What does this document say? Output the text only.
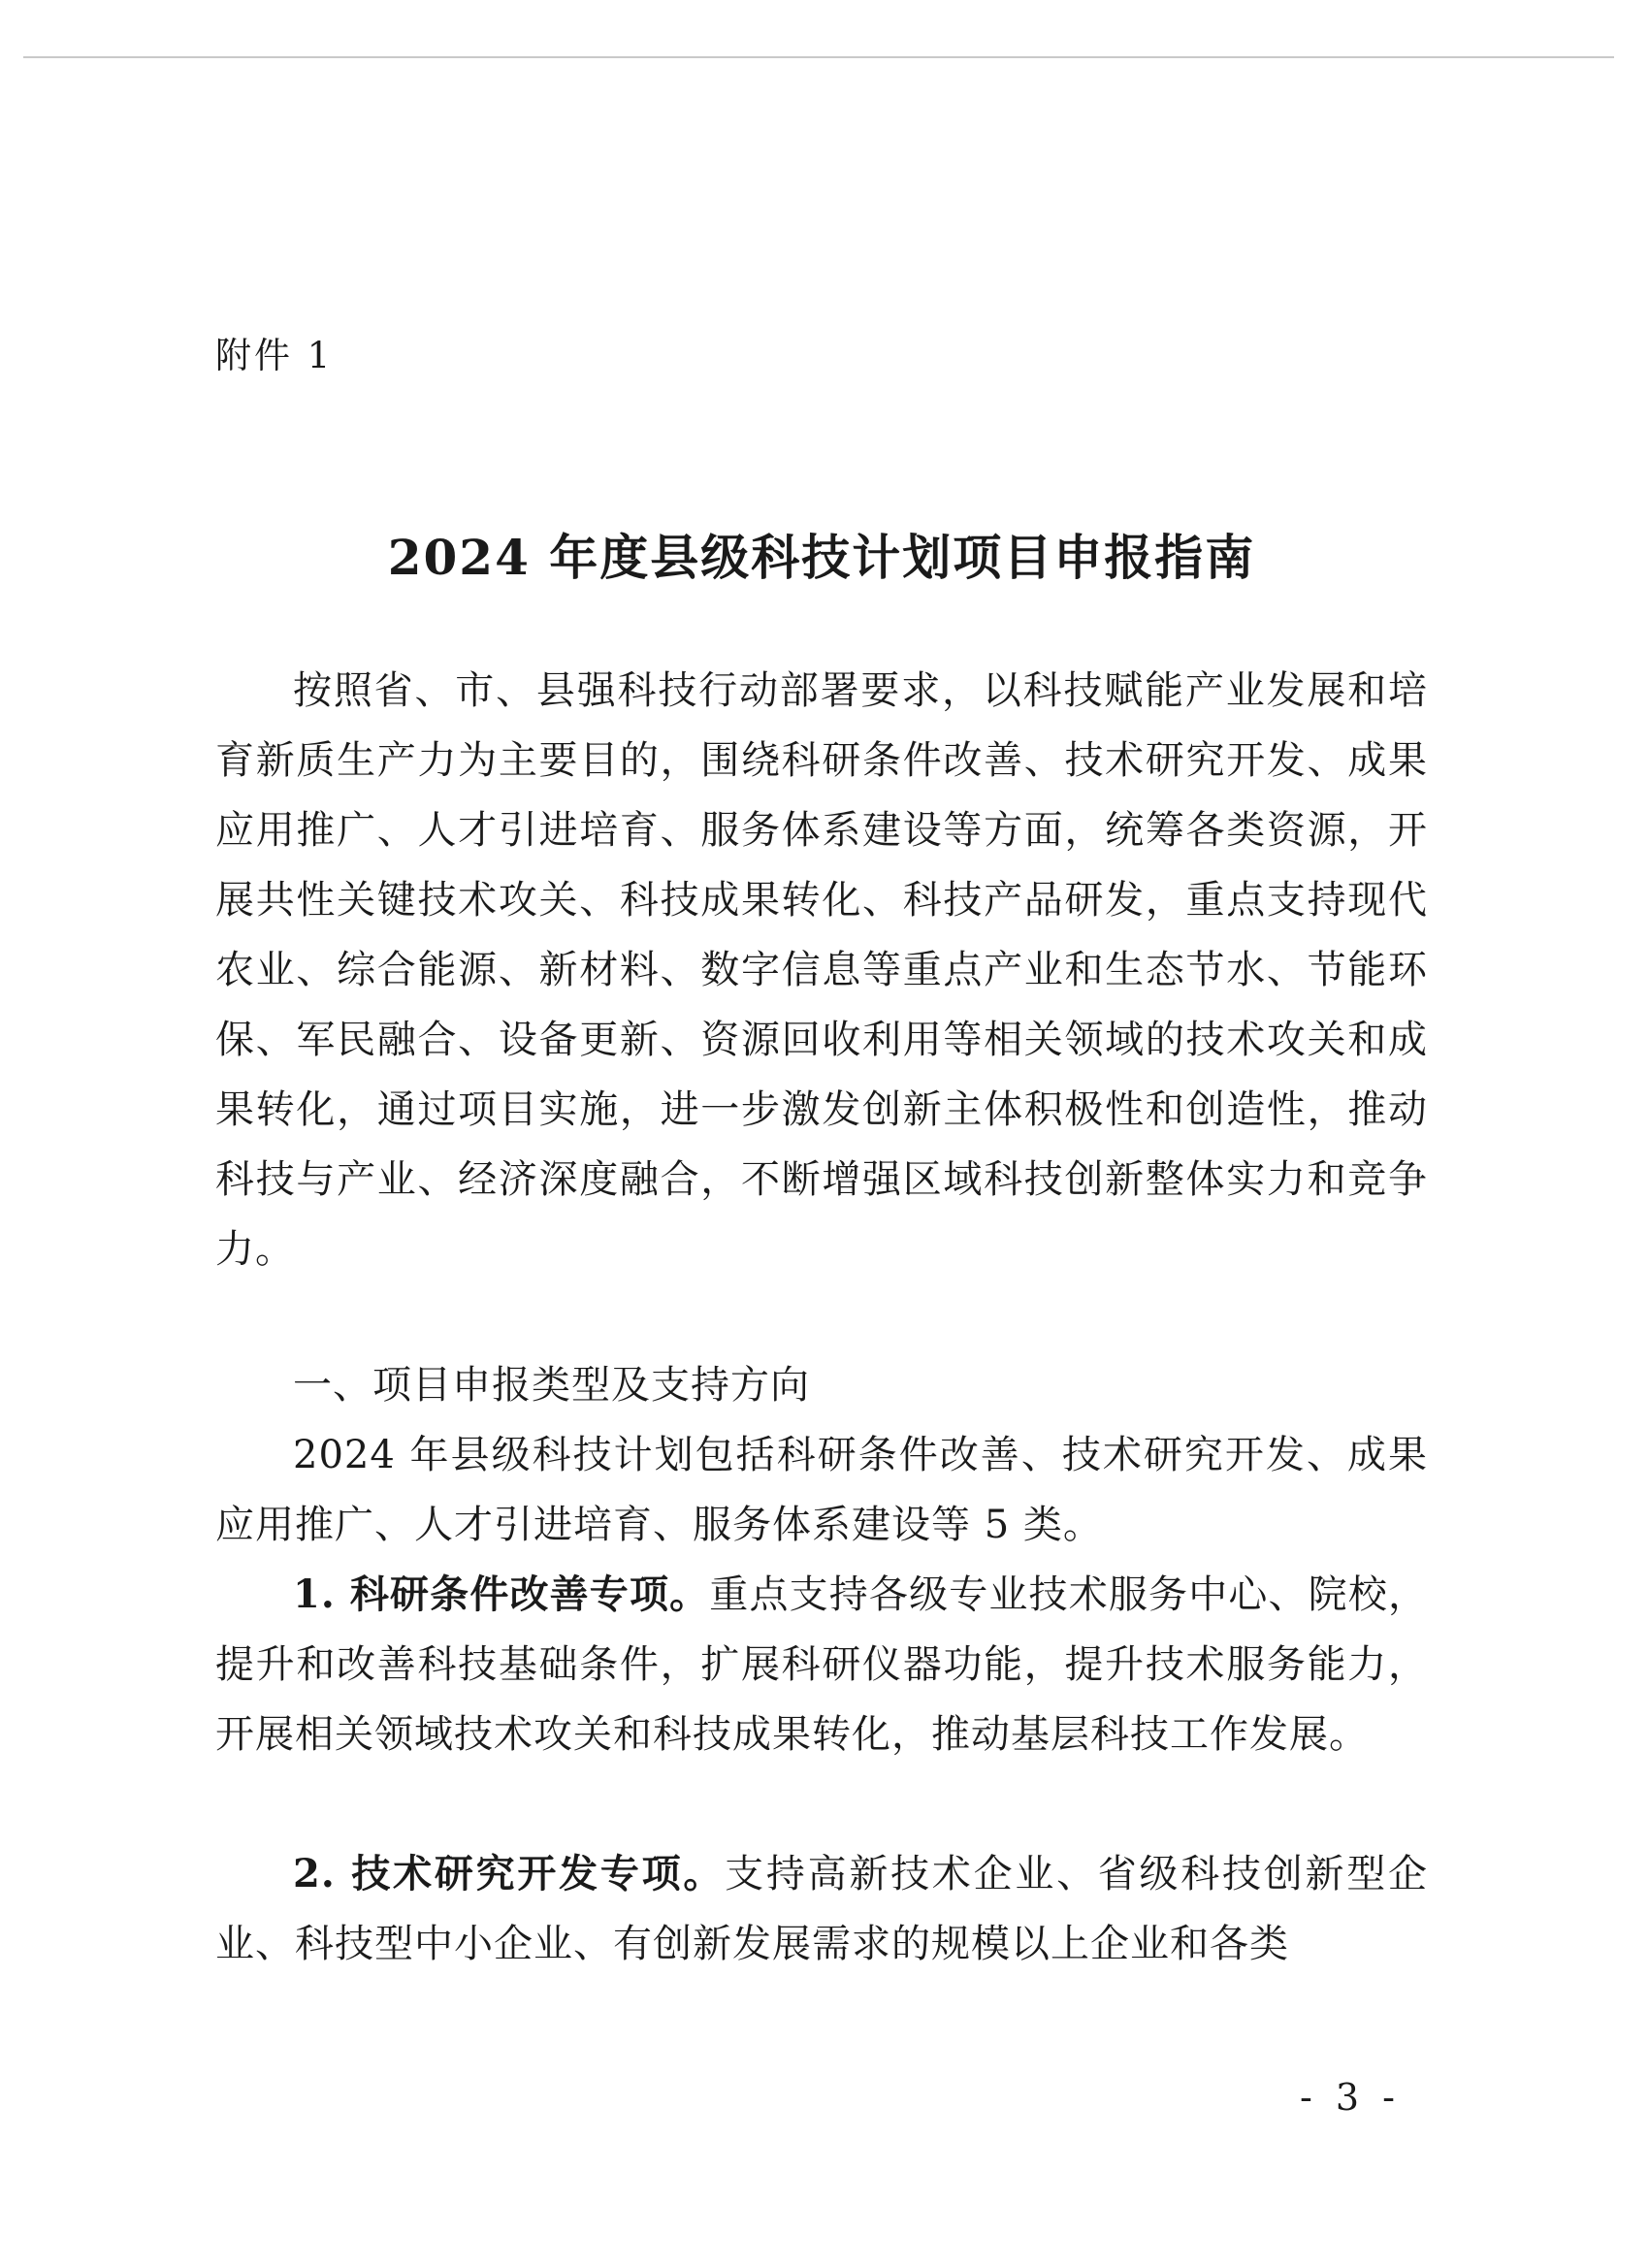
附件 1
2024 年度县级科技计划项目申报指南

按照省、市、县强科技行动部署要求，以科技赋能产业发展和培育新质生产力为主要目的，围绕科研条件改善、技术研究开发、成果应用推广、人才引进培育、服务体系建设等方面，统筹各类资源，开展共性关键技术攻关、科技成果转化、科技产品研发，重点支持现代农业、综合能源、新材料、数字信息等重点产业和生态节水、节能环保、军民融合、设备更新、资源回收利用等相关领域的技术攻关和成果转化，通过项目实施，进一步激发创新主体积极性和创造性，推动科技与产业、经济深度融合，不断增强区域科技创新整体实力和竞争力。

一、项目申报类型及支持方向

2024 年县级科技计划包括科研条件改善、技术研究开发、成果应用推广、人才引进培育、服务体系建设等 5 类。

1. 科研条件改善专项。重点支持各级专业技术服务中心、院校，提升和改善科技基础条件，扩展科研仪器功能，提升技术服务能力，开展相关领域技术攻关和科技成果转化，推动基层科技工作发展。

2. 技术研究开发专项。支持高新技术企业、省级科技创新型企业、科技型中小企业、有创新发展需求的规模以上企业和各类

- 3 -
